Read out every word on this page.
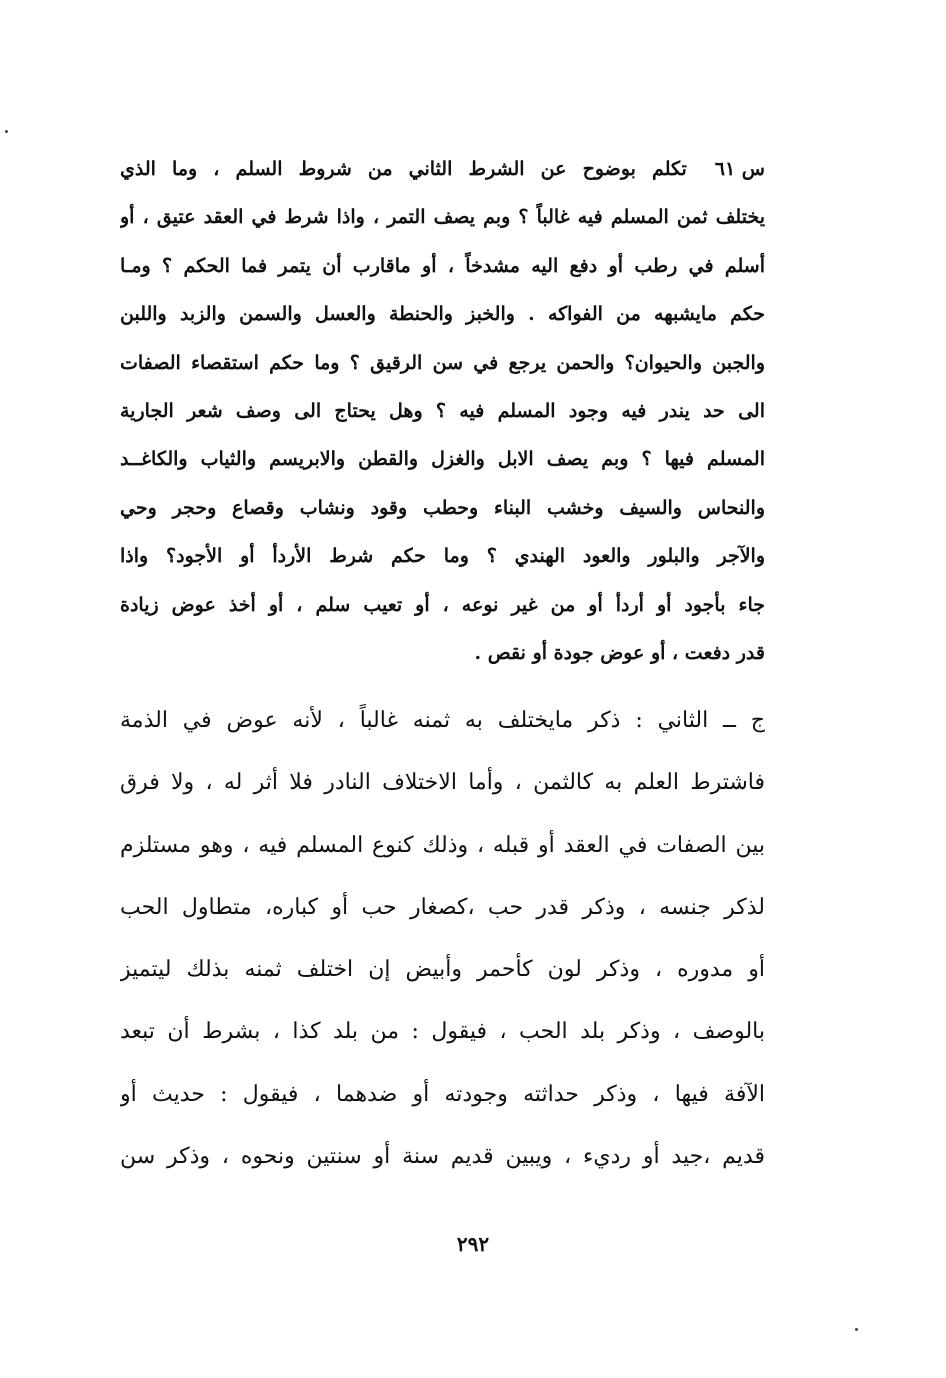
س ٦١تكلم بوضوح عن الشرط الثاني من شروط السلم ، وما الذي
يختلف ثمن المسلم فيه غالباً ؟ وبم يصف التمر ، واذا شرط في العقد عتيق ، أو
أسلم في رطب أو دفع اليه مشدخاً ، أو ماقارب أن يتمر فما الحكم ؟ ومـا
حكم مايشبهه من الفواكه . والخبز والحنطة والعسل والسمن والزبد واللبن
والجبن والحيوان؟ والحمن يرجع في سن الرقيق ؟ وما حكم استقصاء الصفات
الى حد يندر فيه وجود المسلم فيه ؟ وهل يحتاج الى وصف شعر الجارية
المسلم فيها ؟ وبم يصف الابل والغزل والقطن والابريسم والثياب والكاغــد
والنحاس والسيف وخشب البناء وحطب وقود ونشاب وقصاع وحجر وحي
والآجر والبلور والعود الهندي ؟ وما حكم شرط الأردأ أو الأجود؟ واذا
جاء بأجود أو أردأ أو من غير نوعه ، أو تعيب سلم ، أو أخذ عوض زيادة
قدر دفعت ، أو عوض جودة أو نقص .
ج ــ الثاني : ذكر مايختلف به ثمنه غالباً ، لأنه عوض في الذمة
فاشترط العلم به كالثمن ، وأما الاختلاف النادر فلا أثر له ، ولا فرق
بين الصفات في العقد أو قبله ، وذلك كنوع المسلم فيه ، وهو مستلزم
لذكر جنسه ، وذكر قدر حب ،كصغار حب أو كباره، متطاول الحب
أو مدوره ، وذكر لون كأحمر وأبيض إن اختلف ثمنه بذلك ليتميز
بالوصف ، وذكر بلد الحب ، فيقول : من بلد كذا ، بشرط أن تبعد
الآفة فيها ، وذكر حداثته وجودته أو ضدهما ، فيقول : حديث أو
قديم ،جيد أو رديء ، ويبين قديم سنة أو سنتين ونحوه ، وذكر سن
٢٩٢
